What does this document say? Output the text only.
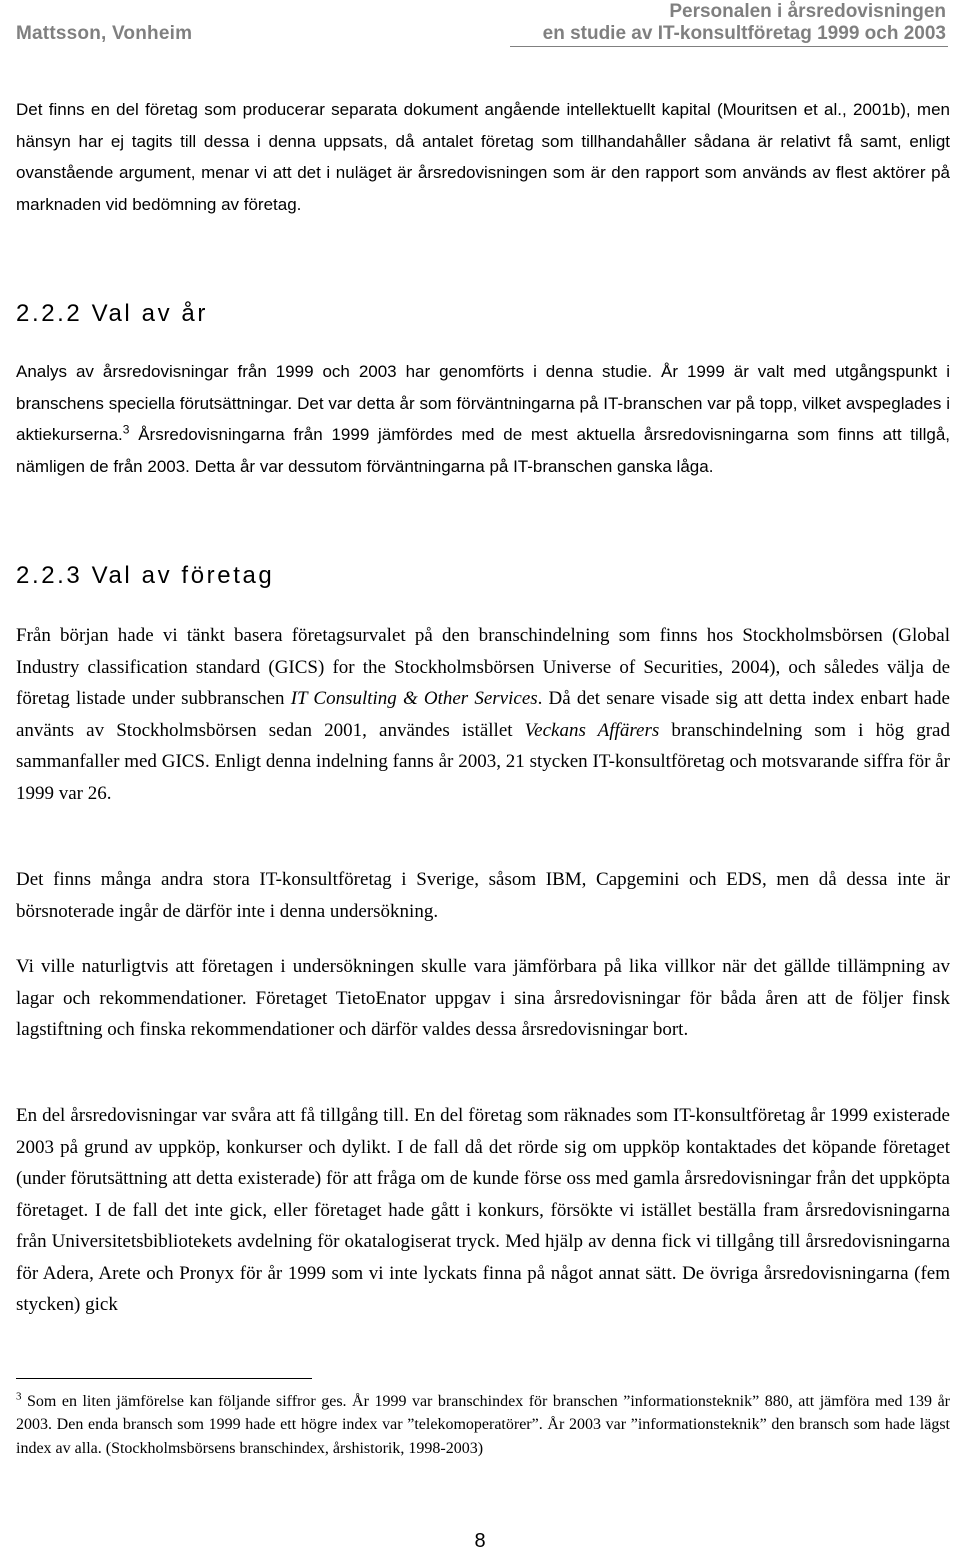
Mattsson, Vonheim
Personalen i årsredovisningen
en studie av IT-konsultföretag 1999 och 2003

Det finns en del företag som producerar separata dokument angående intellektuellt kapital (Mouritsen et al., 2001b), men hänsyn har ej tagits till dessa i denna uppsats, då antalet företag som tillhandahåller sådana är relativt få samt, enligt ovanstående argument, menar vi att det i nuläget är årsredovisningen som är den rapport som används av flest aktörer på marknaden vid bedömning av företag.

2.2.2 Val av år

Analys av årsredovisningar från 1999 och 2003 har genomförts i denna studie. År 1999 är valt med utgångspunkt i branschens speciella förutsättningar. Det var detta år som förväntningarna på IT-branschen var på topp, vilket avspeglades i aktiekurserna.$^3$ Årsredovisningarna från 1999 jämfördes med de mest aktuella årsredovisningarna som finns att tillgå, nämligen de från 2003. Detta år var dessutom förväntningarna på IT-branschen ganska låga.

2.2.3 Val av företag

Från början hade vi tänkt basera företagsurvalet på den branschindelning som finns hos Stockholmsbörsen (Global Industry classification standard (GICS) for the Stockholmsbörsen Universe of Securities, 2004), och således välja de företag listade under subbranschen IT Consulting & Other Services. Då det senare visade sig att detta index enbart hade använts av Stockholmsbörsen sedan 2001, användes istället Veckans Affärers branschindelning som i hög grad sammanfaller med GICS. Enligt denna indelning fanns år 2003, 21 stycken IT-konsultföretag och motsvarande siffra för år 1999 var 26.

Det finns många andra stora IT-konsultföretag i Sverige, såsom IBM, Capgemini och EDS, men då dessa inte är börsnoterade ingår de därför inte i denna undersökning.

Vi ville naturligtvis att företagen i undersökningen skulle vara jämförbara på lika villkor när det gällde tillämpning av lagar och rekommendationer. Företaget TietoEnator uppgav i sina årsredovisningar för båda åren att de följer finsk lagstiftning och finska rekommendationer och därför valdes dessa årsredovisningar bort.

En del årsredovisningar var svåra att få tillgång till. En del företag som räknades som IT-konsultföretag år 1999 existerade 2003 på grund av uppköp, konkurser och dylikt. I de fall då det rörde sig om uppköp kontaktades det köpande företaget (under förutsättning att detta existerade) för att fråga om de kunde förse oss med gamla årsredovisningar från det uppköpta företaget. I de fall det inte gick, eller företaget hade gått i konkurs, försökte vi istället beställa fram årsredovisningarna från Universitetsbibliotekets avdelning för okatalogiserat tryck. Med hjälp av denna fick vi tillgång till årsredovisningarna för Adera, Arete och Pronyx för år 1999 som vi inte lyckats finna på något annat sätt. De övriga årsredovisningarna (fem stycken) gick

$^3$ Som en liten jämförelse kan följande siffror ges. År 1999 var branschindex för branschen ”informationsteknik” 880, att jämföra med 139 år 2003. Den enda bransch som 1999 hade ett högre index var ”telekomoperatörer”. År 2003 var ”informationsteknik” den bransch som hade lägst index av alla. (Stockholmsbörsens branschindex, årshistorik, 1998-2003)

8
